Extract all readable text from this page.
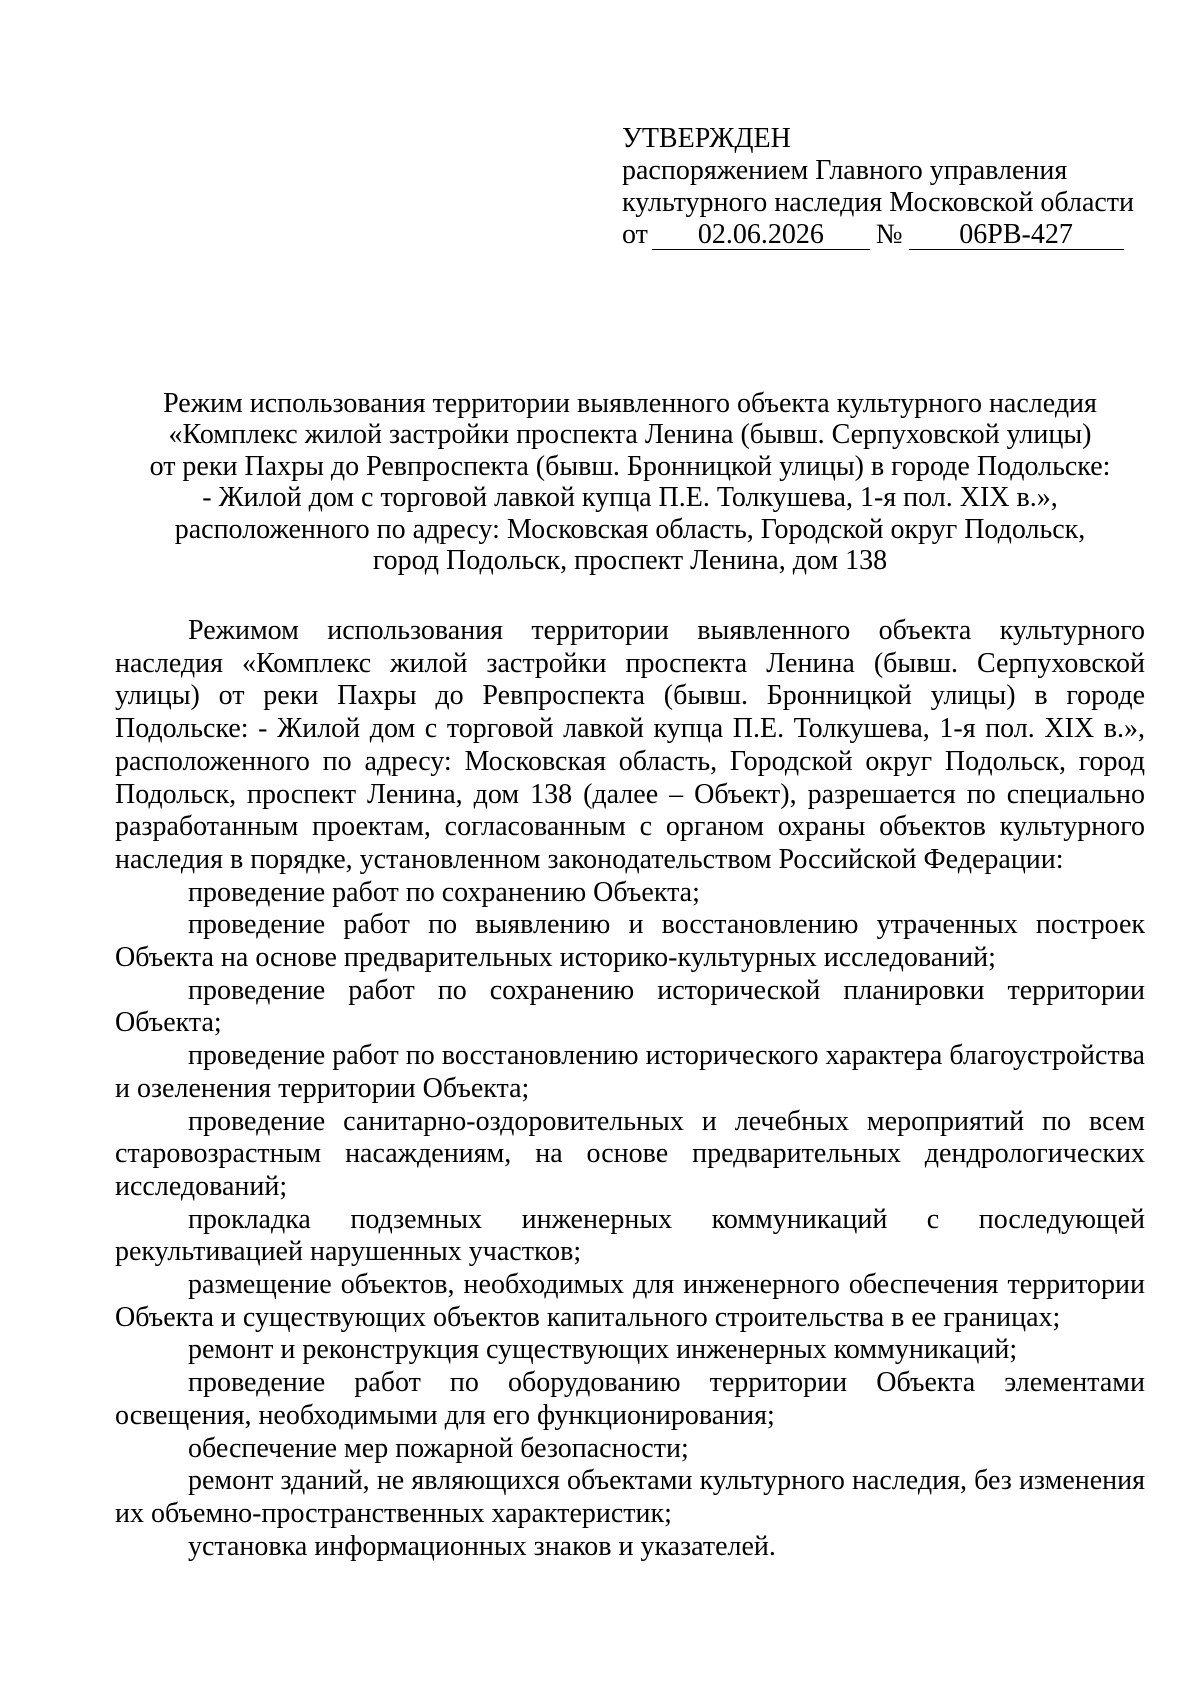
УТВЕРЖДЕН
распоряжением Главного управления
культурного наследия Московской области
от 02.06.2026 № 06РВ-427
Режим использования территории выявленного объекта культурного наследия
«Комплекс жилой застройки проспекта Ленина (бывш. Серпуховской улицы)
от реки Пахры до Ревпроспекта (бывш. Бронницкой улицы) в городе Подольске:
- Жилой дом с торговой лавкой купца П.Е. Толкушева, 1-я пол. XIX в.»,
расположенного по адресу: Московская область, Городской округ Подольск,
город Подольск, проспект Ленина, дом 138

Режимом использования территории выявленного объекта культурного наследия «Комплекс жилой застройки проспекта Ленина (бывш. Серпуховской улицы) от реки Пахры до Ревпроспекта (бывш. Бронницкой улицы) в городе Подольске: - Жилой дом с торговой лавкой купца П.Е. Толкушева, 1-я пол. XIX в.», расположенного по адресу: Московская область, Городской округ Подольск, город Подольск, проспект Ленина, дом 138 (далее – Объект), разрешается по специально разработанным проектам, согласованным с органом охраны объектов культурного наследия в порядке, установленном законодательством Российской Федерации:

проведение работ по сохранению Объекта;

проведение работ по выявлению и восстановлению утраченных построек Объекта на основе предварительных историко-культурных исследований;

проведение работ по сохранению исторической планировки территории Объекта;

проведение работ по восстановлению исторического характера благоустройства и озеленения территории Объекта;

проведение санитарно-оздоровительных и лечебных мероприятий по всем старовозрастным насаждениям, на основе предварительных дендрологических исследований;

прокладка подземных инженерных коммуникаций с последующей рекультивацией нарушенных участков;

размещение объектов, необходимых для инженерного обеспечения территории Объекта и существующих объектов капитального строительства в ее границах;

ремонт и реконструкция существующих инженерных коммуникаций;

проведение работ по оборудованию территории Объекта элементами освещения, необходимыми для его функционирования;

обеспечение мер пожарной безопасности;

ремонт зданий, не являющихся объектами культурного наследия, без изменения их объемно-пространственных характеристик;

установка информационных знаков и указателей.
